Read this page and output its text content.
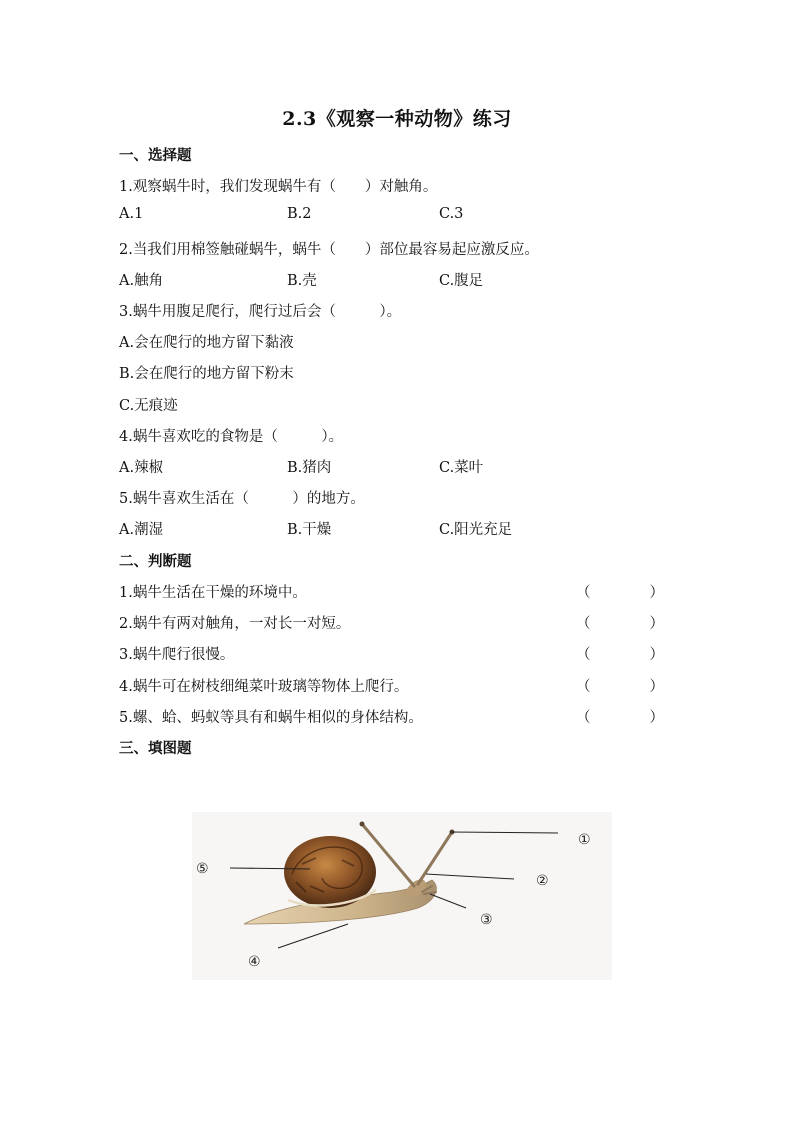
2.3《观察一种动物》练习
一、选择题
1.观察蜗牛时，我们发现蜗牛有（　　）对触角。
A.1	B.2	C.3
2.当我们用棉签触碰蜗牛，蜗牛（　　）部位最容易起应激反应。
A.触角	B.壳	C.腹足
3.蜗牛用腹足爬行，爬行过后会（　　　）。
A.会在爬行的地方留下黏液
B.会在爬行的地方留下粉末
C.无痕迹
4.蜗牛喜欢吃的食物是（　　　）。
A.辣椒	B.猪肉	C.菜叶
5.蜗牛喜欢生活在（　　　）的地方。
A.潮湿	B.干燥	C.阳光充足
二、判断题
1.蜗牛生活在干燥的环境中。	（	）
2.蜗牛有两对触角，一对长一对短。	（	）
3.蜗牛爬行很慢。	（	）
4.蜗牛可在树枝细绳菜叶玻璃等物体上爬行。	（	）
5.螺、蛤、蚂蚁等具有和蜗牛相似的身体结构。	（	）
三、填图题
①
②
③
④
⑤
